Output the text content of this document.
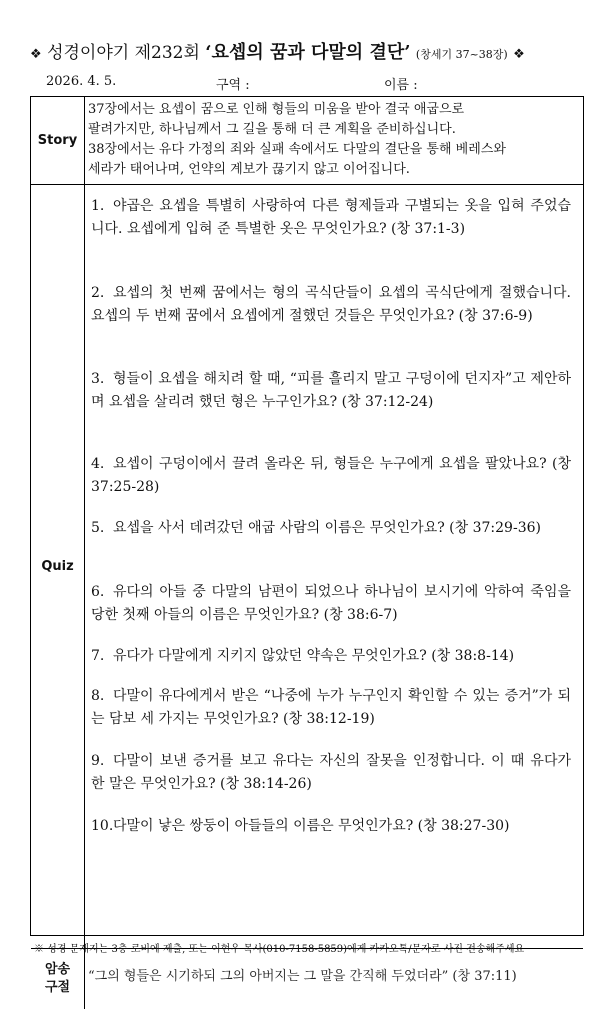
❖ 성경이야기 제232회 ‘요셉의 꿈과 다말의 결단’ (창세기 37~38장) ❖
2026. 4. 5.	구역 :	이름 :
Story
37장에서는 요셉이 꿈으로 인해 형들의 미움을 받아 결국 애굽으로
팔려가지만, 하나님께서 그 길을 통해 더 큰 계획을 준비하십니다.
38장에서는 유다 가정의 죄와 실패 속에서도 다말의 결단을 통해 베레스와
세라가 태어나며, 언약의 계보가 끊기지 않고 이어집니다.
Quiz
1. 야곱은 요셉을 특별히 사랑하여 다른 형제들과 구별되는 옷을 입혀 주었습니다. 요셉에게 입혀 준 특별한 옷은 무엇인가요? (창 37:1-3)
2. 요셉의 첫 번째 꿈에서는 형의 곡식단들이 요셉의 곡식단에게 절했습니다. 요셉의 두 번째 꿈에서 요셉에게 절했던 것들은 무엇인가요? (창 37:6-9)
3. 형들이 요셉을 해치려 할 때, “피를 흘리지 말고 구덩이에 던지자”고 제안하며 요셉을 살리려 했던 형은 누구인가요? (창 37:12-24)
4. 요셉이 구덩이에서 끌려 올라온 뒤, 형들은 누구에게 요셉을 팔았나요? (창 37:25-28)
5. 요셉을 사서 데려갔던 애굽 사람의 이름은 무엇인가요? (창 37:29-36)
6. 유다의 아들 중 다말의 남편이 되었으나 하나님이 보시기에 악하여 죽임을 당한 첫째 아들의 이름은 무엇인가요? (창 38:6-7)
7. 유다가 다말에게 지키지 않았던 약속은 무엇인가요? (창 38:8-14)
8. 다말이 유다에게서 받은 “나중에 누가 누구인지 확인할 수 있는 증거”가 되는 담보 세 가지는 무엇인가요? (창 38:12-19)
9. 다말이 보낸 증거를 보고 유다는 자신의 잘못을 인정합니다. 이 때 유다가 한 말은 무엇인가요? (창 38:14-26)
10.다말이 낳은 쌍둥이 아들들의 이름은 무엇인가요? (창 38:27-30)
암송
구절
“그의 형들은 시기하되 그의 아버지는 그 말을 간직해 두었더라” (창 37:11)
※ 성경 문제지는 3층 로비에 제출, 또는 이현우 목사(010-7158-5859)에게 카카오톡/문자로 사진 전송해주세요
